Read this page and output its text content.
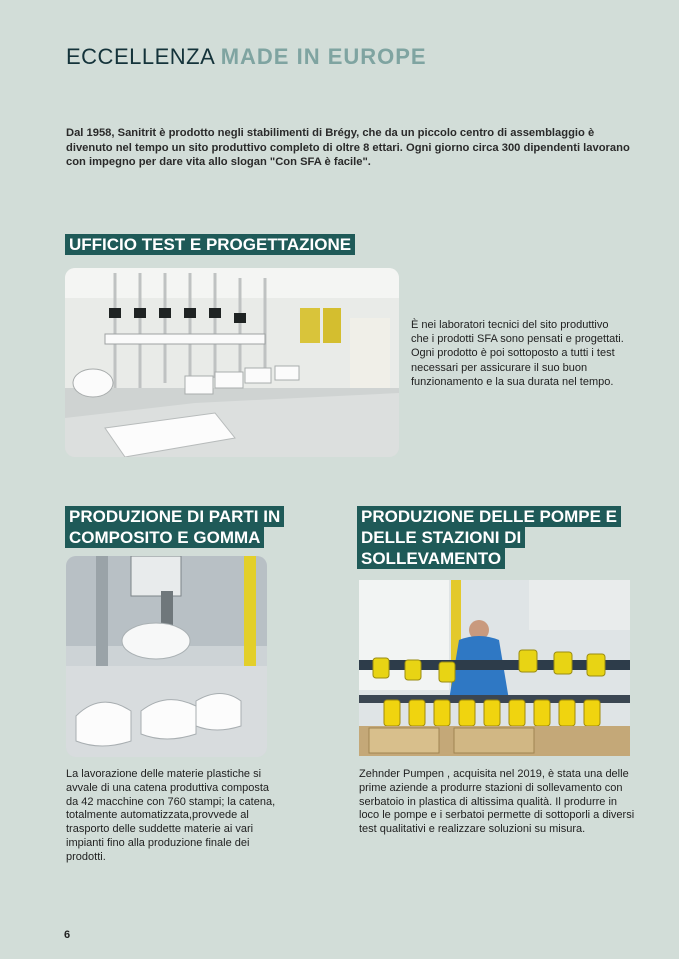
ECCELLENZA MADE IN EUROPE
Dal 1958, Sanitrit è prodotto negli stabilimenti di Brégy, che da un piccolo centro di assemblaggio è divenuto nel tempo un sito produttivo completo di oltre 8 ettari. Ogni giorno circa 300 dipendenti lavorano con impegno per dare vita allo slogan "Con SFA è facile".
UFFICIO TEST E PROGETTAZIONE
È nei laboratori tecnici del sito produttivo che i prodotti SFA sono pensati e progettati. Ogni prodotto è poi sottoposto a tutti i test necessari per assicurare il suo buon funzionamento e la sua durata nel tempo.
PRODUZIONE DI PARTI IN COMPOSITO E GOMMA
La lavorazione delle materie plastiche si avvale di una catena produttiva composta da 42 macchine con 760 stampi; la catena, totalmente automatizzata,provvede al trasporto delle suddette materie ai vari impianti fino alla produzione finale dei prodotti.
PRODUZIONE DELLE POMPE E DELLE STAZIONI DI SOLLEVAMENTO
Zehnder Pumpen , acquisita nel 2019, è stata una delle prime aziende a produrre stazioni di sollevamento con serbatoio in plastica di altissima qualità. Il produrre in loco le pompe e i serbatoi permette di sottoporli a diversi test qualitativi e realizzare soluzioni su misura.
6
